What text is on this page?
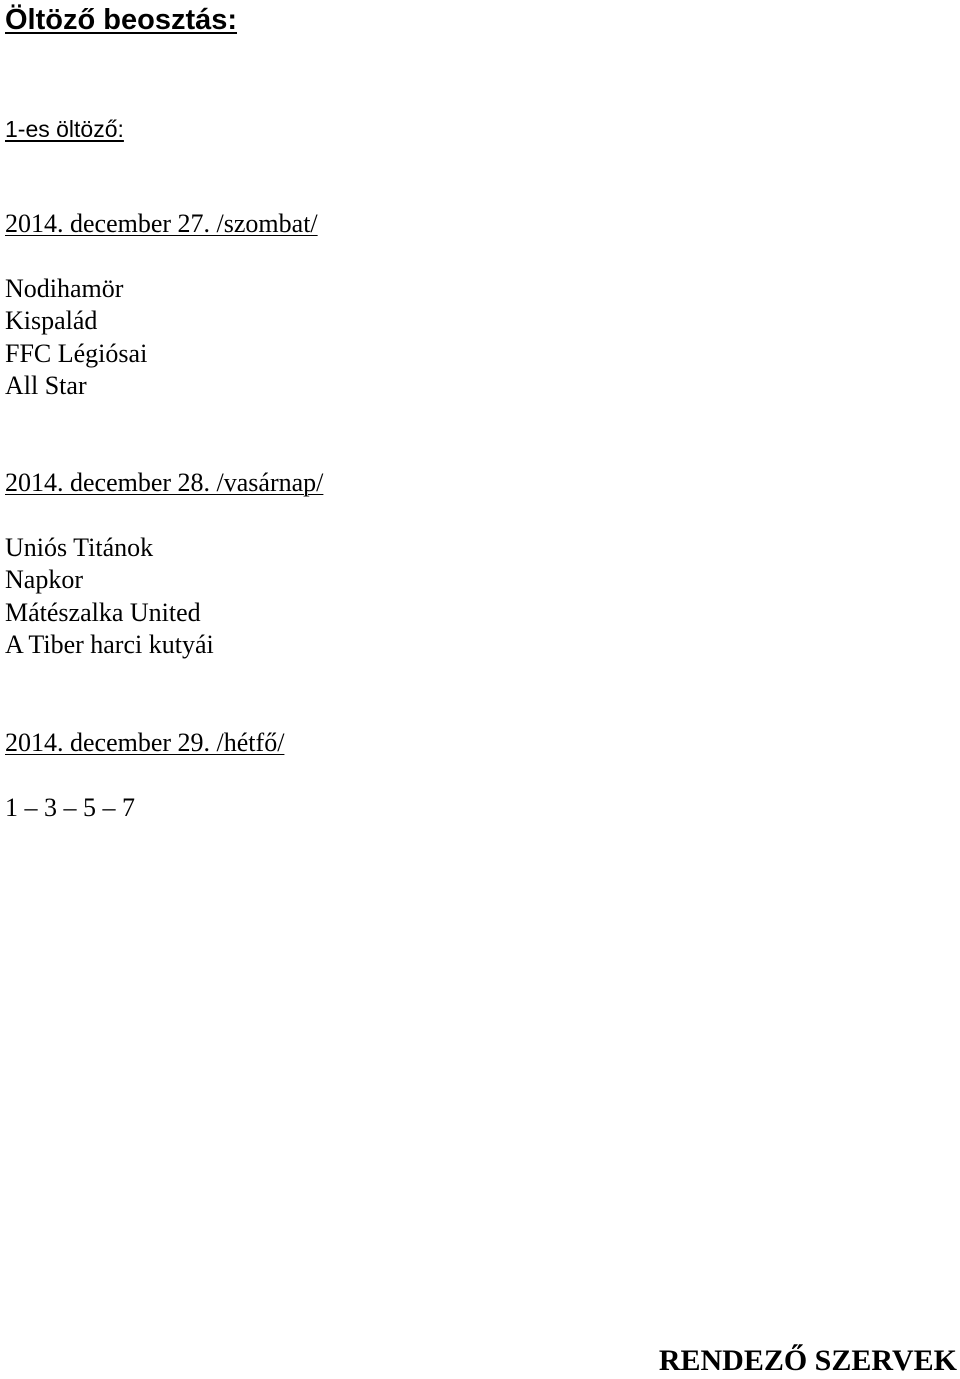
Öltöző beosztás:
1-es öltöző:
2014. december 27. /szombat/
Nodihamör
Kispalád
FFC Légiósai
All Star
2014. december 28. /vasárnap/
Uniós Titánok
Napkor
Mátészalka United
A Tiber harci kutyái
2014. december 29. /hétfő/
1 – 3 – 5 – 7
RENDEZŐ SZERVEK
